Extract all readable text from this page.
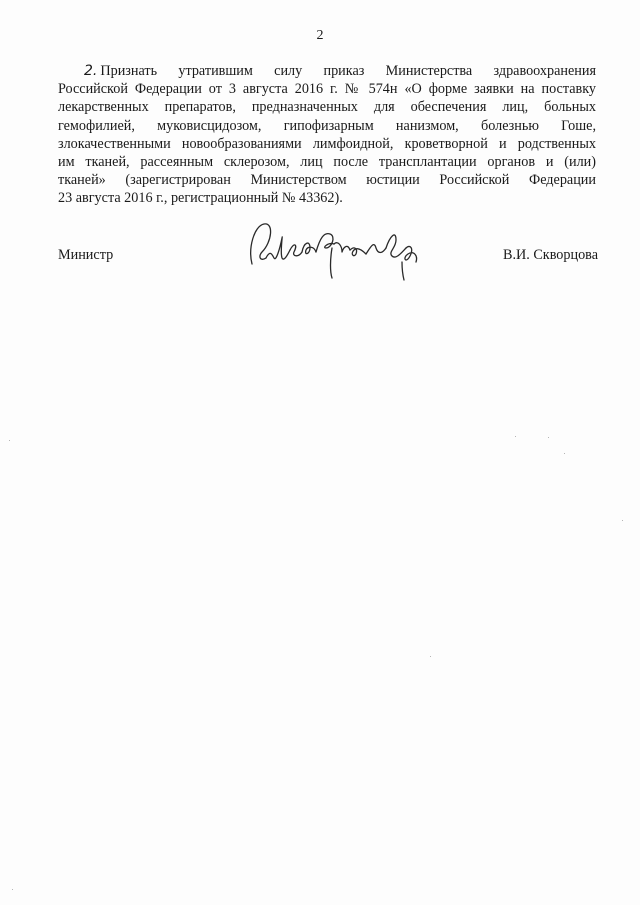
2
2. Признать утратившим силу приказ Министерства здравоохранения
Российской Федерации от 3 августа 2016 г. № 574н «О форме заявки на поставку
лекарственных препаратов, предназначенных для обеспечения лиц, больных
гемофилией, муковисцидозом, гипофизарным нанизмом, болезнью Гоше,
злокачественными новообразованиями лимфоидной, кроветворной и родственных
им тканей, рассеянным склерозом, лиц после трансплантации органов и (или)
тканей» (зарегистрирован Министерством юстиции Российской Федерации
23 августа 2016 г., регистрационный № 43362).
Министр	В.И. Скворцова
